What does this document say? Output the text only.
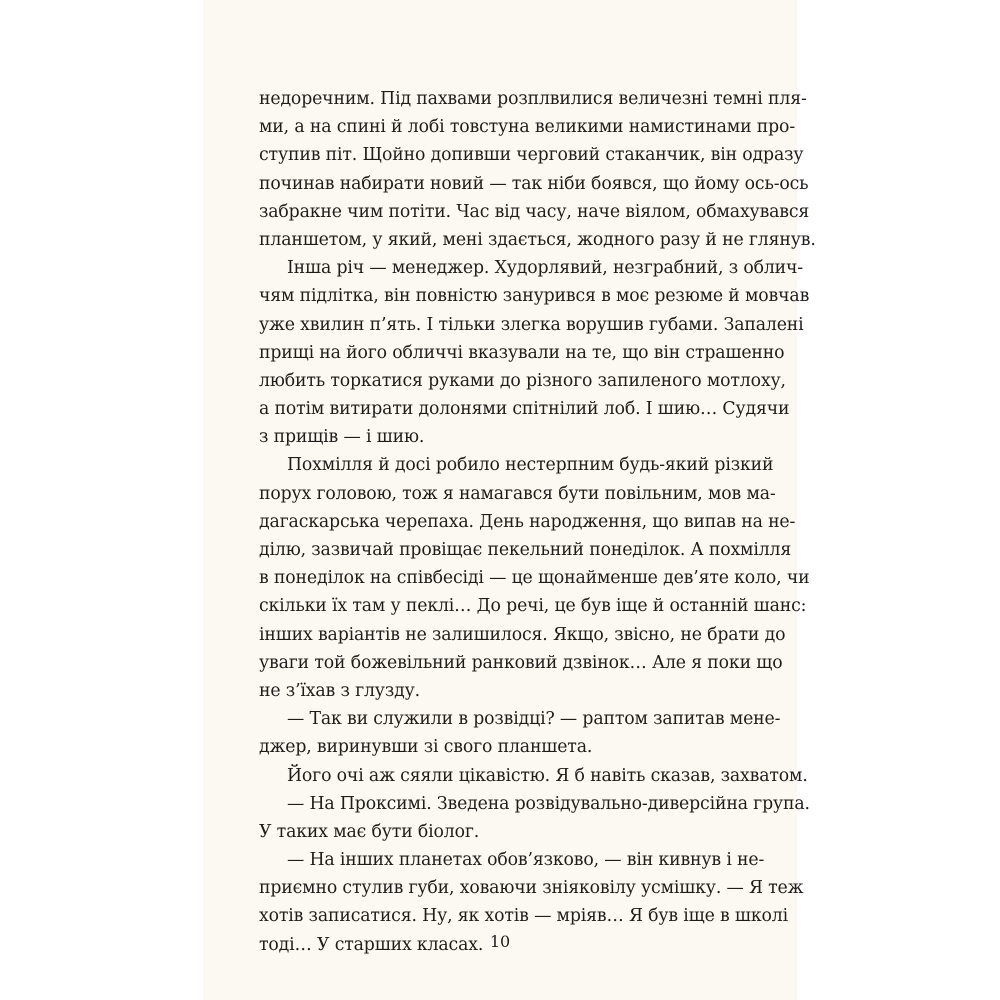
недоречним. Під пахвами розплвилися величезні темні пля-
ми, а на спині й лобі товстуна великими намистинами про-
ступив піт. Щойно допивши черговий стаканчик, він одразу
починав набирати новий — так ніби боявся, що йому ось-ось
забракне чим потіти. Час від часу, наче віялом, обмахувався
планшетом, у який, мені здається, жодного разу й не глянув.
Інша річ — менеджер. Худорлявий, незграбний, з облич-
чям підлітка, він повністю занурився в моє резюме й мовчав
уже хвилин п’ять. І тільки злегка ворушив губами. Запалені
прищі на його обличчі вказували на те, що він страшенно
любить торкатися руками до різного запиленого мотлоху,
а потім витирати долонями спітнілий лоб. І шию… Судячи
з прищів — і шию.
Похмілля й досі робило нестерпним будь-який різкий
порух головою, тож я намагався бути повільним, мов ма-
дагаскарська черепаха. День народження, що випав на не-
ділю, зазвичай провіщає пекельний понеділок. А похмілля
в понеділок на співбесіді — це щонайменше дев’яте коло, чи
скільки їх там у пеклі… До речі, це був іще й останній шанс:
інших варіантів не залишилося. Якщо, звісно, не брати до
уваги той божевільний ранковий дзвінок… Але я поки що
не з’їхав з глузду.
— Так ви служили в розвідці? — раптом запитав мене-
джер, виринувши зі свого планшета.
Його очі аж сяяли цікавістю. Я б навіть сказав, захватом.
— На Проксимі. Зведена розвідувально-диверсійна група.
У таких має бути біолог.
— На інших планетах обов’язково, — він кивнув і не-
приємно стулив губи, ховаючи зніяковілу усмішку. — Я теж
хотів записатися. Ну, як хотів — мріяв… Я був іще в школі
тоді… У старших класах. 10
